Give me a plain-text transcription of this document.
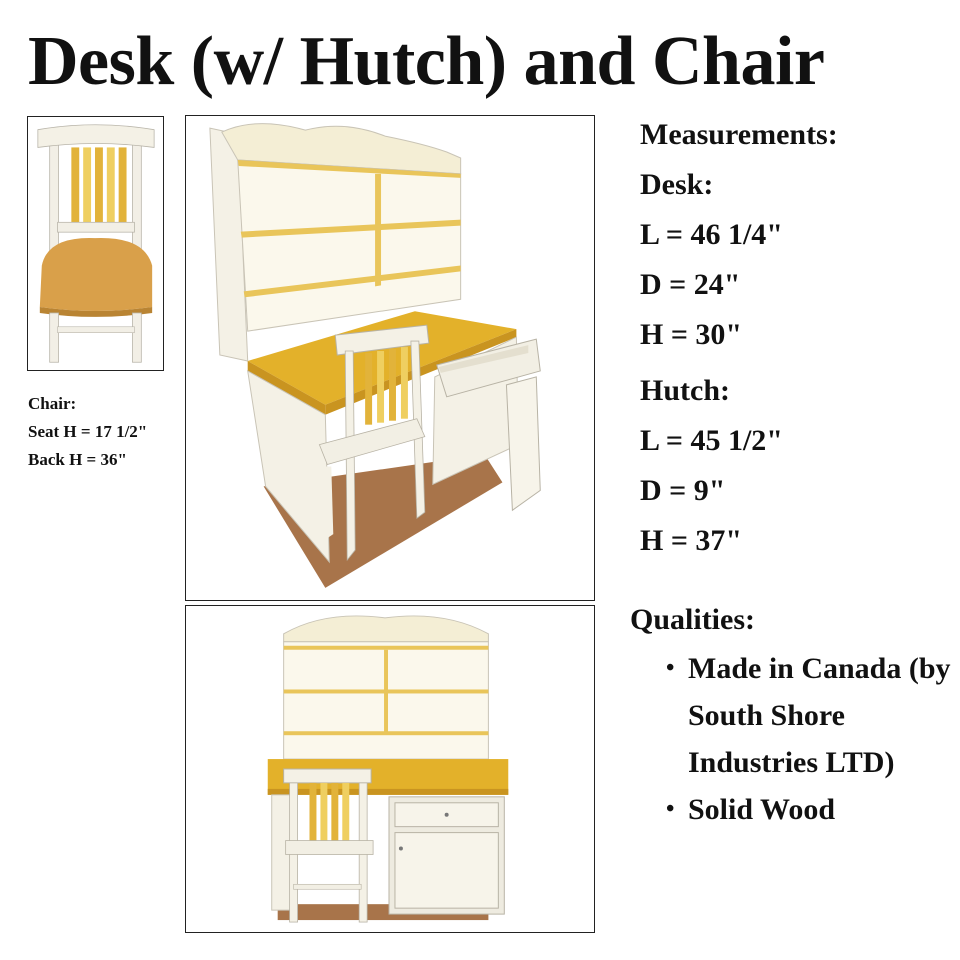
Desk (w/ Hutch) and Chair
Chair:
Seat H = 17 1/2"
Back H = 36"
Measurements:
Desk:
L = 46 1/4"
D = 24"
H = 30"
Hutch:
L = 45 1/2"
D = 9"
H = 37"
Qualities:
• Made in Canada (by South Shore Industries LTD)
• Solid Wood
